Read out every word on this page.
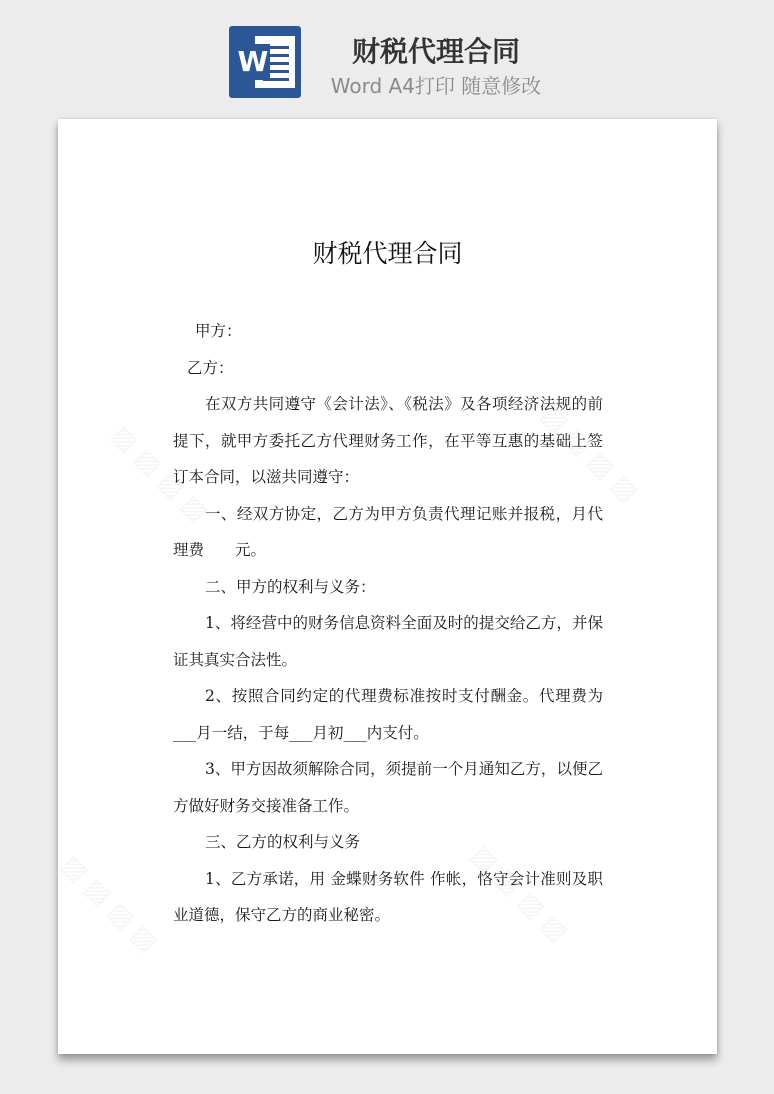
W	财税代理合同
Word A4打印 随意修改
▨ ▨ ▨ ▨	▨ ▨ ▨ ▨
▨ ▨ ▨ ▨	▨ ▨ ▨ ▨
财税代理合同

甲方：

乙方：

在双方共同遵守《会计法》、《税法》及各项经济法规的前提下，就甲方委托乙方代理财务工作，在平等互惠的基础上签订本合同，以滋共同遵守：

一、经双方协定，乙方为甲方负责代理记账并报税，月代理费　　元。

二、甲方的权利与义务：

1、将经营中的财务信息资料全面及时的提交给乙方，并保证其真实合法性。

2、按照合同约定的代理费标准按时支付酬金。代理费为___月一结，于每___月初___内支付。

3、甲方因故须解除合同，须提前一个月通知乙方，以便乙方做好财务交接准备工作。

三、乙方的权利与义务

1、乙方承诺，用 金蝶财务软件 作帐，恪守会计准则及职业道德，保守乙方的商业秘密。
